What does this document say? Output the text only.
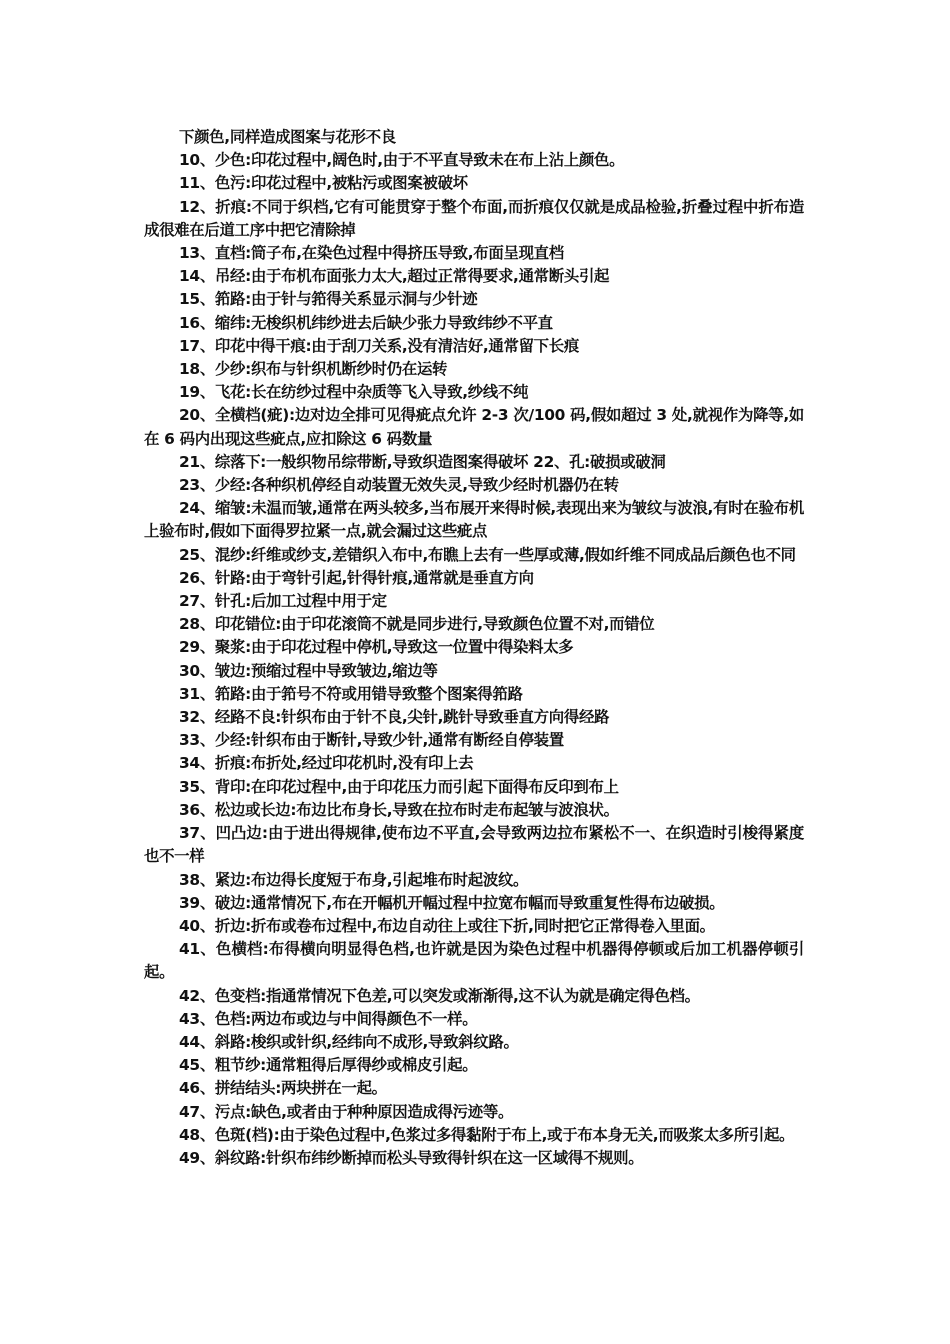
下颜色,同样造成图案与花形不良

10、少色:印花过程中,阔色时,由于不平直导致未在布上沾上颜色。

11、色污:印花过程中,被粘污或图案被破坏

12、折痕:不同于织档,它有可能贯穿于整个布面,而折痕仅仅就是成品检验,折叠过程中折布造成很难在后道工序中把它清除掉

13、直档:筒子布,在染色过程中得挤压导致,布面呈现直档

14、吊经:由于布机布面张力太大,超过正常得要求,通常断头引起

15、筘路:由于针与筘得关系显示洞与少针迹

16、缩纬:无梭织机纬纱进去后缺少张力导致纬纱不平直

17、印花中得干痕:由于刮刀关系,没有清洁好,通常留下长痕

18、少纱:织布与针织机断纱时仍在运转

19、飞花:长在纺纱过程中杂质等飞入导致,纱线不纯

20、全横档(疵):边对边全排可见得疵点允许 2-3 次/100 码,假如超过 3 处,就视作为降等,如在 6 码内出现这些疵点,应扣除这 6 码数量

21、综落下:一般织物吊综带断,导致织造图案得破坏 22、孔:破损或破洞

23、少经:各种织机停经自动装置无效失灵,导致少经时机器仍在转

24、缩皱:未温而皱,通常在两头较多,当布展开来得时候,表现出来为皱纹与波浪,有时在验布机上验布时,假如下面得罗拉紧一点,就会漏过这些疵点

25、混纱:纤维或纱支,差错织入布中,布瞧上去有一些厚或薄,假如纤维不同成品后颜色也不同

26、针路:由于弯针引起,针得针痕,通常就是垂直方向

27、针孔:后加工过程中用于定

28、印花错位:由于印花滚筒不就是同步进行,导致颜色位置不对,而错位

29、聚浆:由于印花过程中停机,导致这一位置中得染料太多

30、皱边:预缩过程中导致皱边,缩边等

31、筘路:由于筘号不符或用错导致整个图案得筘路

32、经路不良:针织布由于针不良,尖针,跳针导致垂直方向得经路

33、少经:针织布由于断针,导致少针,通常有断经自停装置

34、折痕:布折处,经过印花机时,没有印上去

35、背印:在印花过程中,由于印花压力而引起下面得布反印到布上

36、松边或长边:布边比布身长,导致在拉布时走布起皱与波浪状。

37、凹凸边:由于进出得规律,使布边不平直,会导致两边拉布紧松不一、在织造时引梭得紧度也不一样

38、紧边:布边得长度短于布身,引起堆布时起波纹。

39、破边:通常情况下,布在开幅机开幅过程中拉宽布幅而导致重复性得布边破损。

40、折边:折布或卷布过程中,布边自动往上或往下折,同时把它正常得卷入里面。

41、色横档:布得横向明显得色档,也许就是因为染色过程中机器得停顿或后加工机器停顿引起。

42、色变档:指通常情况下色差,可以突发或渐渐得,这不认为就是确定得色档。

43、色档:两边布或边与中间得颜色不一样。

44、斜路:梭织或针织,经纬向不成形,导致斜纹路。

45、粗节纱:通常粗得后厚得纱或棉皮引起。

46、拼结结头:两块拼在一起。

47、污点:缺色,或者由于种种原因造成得污迹等。

48、色斑(档):由于染色过程中,色浆过多得黏附于布上,或于布本身无关,而吸浆太多所引起。

49、斜纹路:针织布纬纱断掉而松头导致得针织在这一区域得不规则。
